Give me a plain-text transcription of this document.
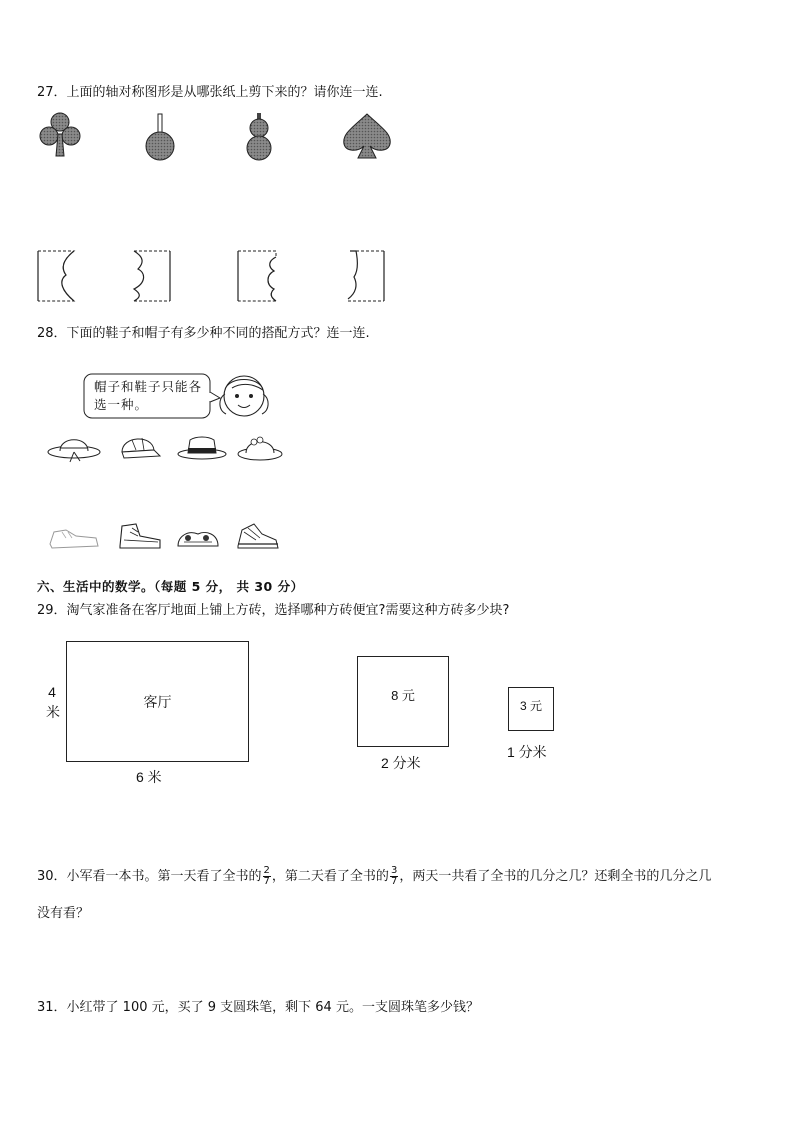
27．上面的轴对称图形是从哪张纸上剪下来的？请你连一连.
28．下面的鞋子和帽子有多少种不同的搭配方式？连一连.
帽子和鞋子只能各选一种。
六、生活中的数学。（每题 5 分， 共 30 分）
29．淘气家准备在客厅地面上铺上方砖，选择哪种方砖便宜?需要这种方砖多少块?
客厅
4
米
6 米
8 元
2 分米
3 元
1 分米
30．小军看一本书。第一天看了全书的 $\frac{2}{7}$ ，第二天看了全书的 $\frac{3}{7}$ ，两天一共看了全书的几分之几？还剩全书的几分之几
没有看？
31．小红带了 100 元，买了 9 支圆珠笔，剩下 64 元。一支圆珠笔多少钱？
